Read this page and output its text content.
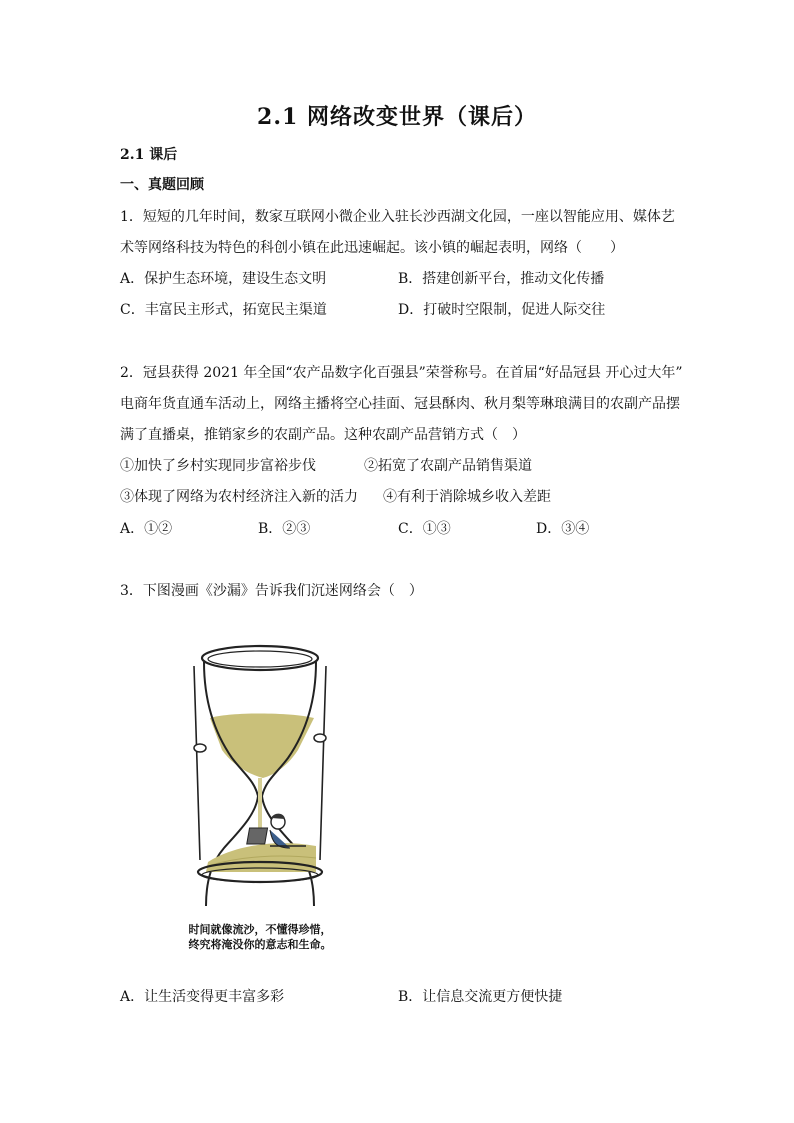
2.1 网络改变世界（课后）
2.1 课后
一、真题回顾
1．短短的几年时间，数家互联网小微企业入驻长沙西湖文化园，一座以智能应用、媒体艺
术等网络科技为特色的科创小镇在此迅速崛起。该小镇的崛起表明，网络（　　）
A．保护生态环境，建设生态文明	B．搭建创新平台，推动文化传播
C．丰富民主形式，拓宽民主渠道	D．打破时空限制，促进人际交往
2．冠县获得 2021 年全国“农产品数字化百强县”荣誉称号。在首届“好品冠县 开心过大年”
电商年货直通车活动上，网络主播将空心挂面、冠县酥肉、秋月梨等琳琅满目的农副产品摆
满了直播桌，推销家乡的农副产品。这种农副产品营销方式（　）
①加快了乡村实现同步富裕步伐	②拓宽了农副产品销售渠道
③体现了网络为农村经济注入新的活力 ④有利于消除城乡收入差距
A．①②	B．②③	C．①③	D．③④
3．下图漫画《沙漏》告诉我们沉迷网络会（　）
时间就像流沙，不懂得珍惜，
终究将淹没你的意志和生命。
A．让生活变得更丰富多彩	B．让信息交流更方便快捷
